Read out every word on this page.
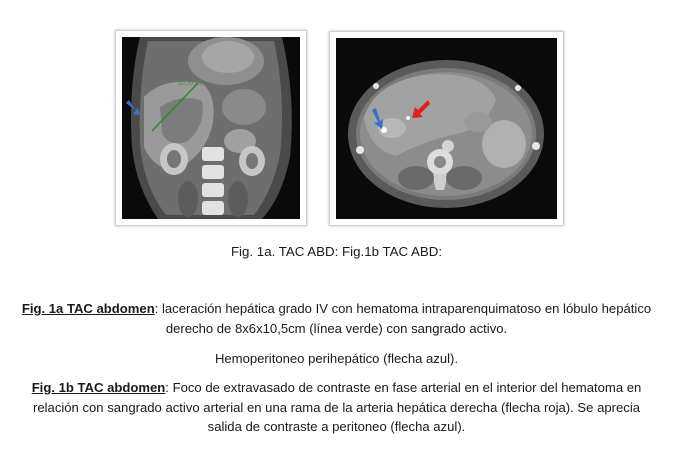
10,70 cm
Fig. 1a. TAC ABD: Fig.1b TAC ABD:
Fig. 1a TAC abdomen: laceración hepática grado IV con hematoma intraparenquimatoso en lóbulo hepático derecho de 8x6x10,5cm (línea verde) con sangrado activo.
Hemoperitoneo perihepático (flecha azul).
Fig. 1b TAC abdomen: Foco de extravasado de contraste en fase arterial en el interior del hematoma en relación con sangrado activo arterial en una rama de la arteria hepática derecha (flecha roja). Se aprecia salida de contraste a peritoneo (flecha azul).
